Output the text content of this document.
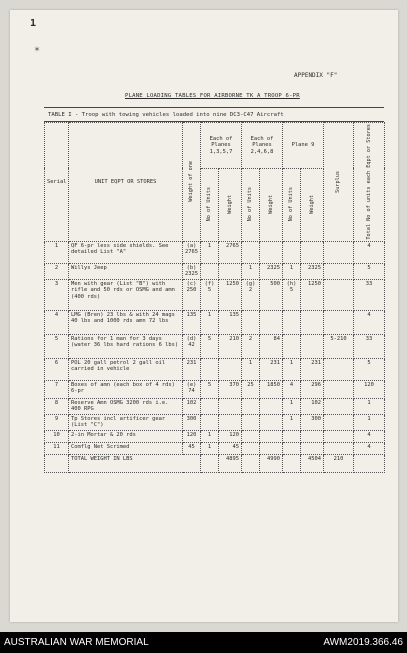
1
✶
APPENDIX "F"
PLANE LOADING TABLES FOR AIRBORNE TK A TROOP 6-PR
TABLE I - Troop with towing vehicles loaded into nine DC3-C47 Aircraft
Serial	UNIT EQPT OR STORES	Weight of one	Each of Planes 1,3,5,7		Each of Planes 2,4,6,8		Plane 9		Surplus	Total No of units each Eqpt or Stores

			No of Units	Weight	No of Units	Weight	No of Units	Weight		

1	QF 6-pr less side shields. See detailed List "A"	(a) 2765	1	2765						4
2	Willys Jeep	(b) 2325			1	2325	1	2325		5
3	Men with gear (List "B") with rifle and 50 rds or OSMG and amn (400 rds)	(c) 250	(f) 5	1250	(g) 2	500	(h) 5	1250		33
4	LMG (Bren) 23 lbs & with 24 mags 40 lbs and 1000 rds amn 72 lbs	135	1	135						4
5	Rations for 1 man for 3 days (water 36 lbs hard rations 6 lbs)	(d) 42	5	210	2	84			5-210	33
6	POL 20 gall petrol 2 gall oil carried in vehicle	231			1	231	1	231		5
7	Boxes of amn (each box of 4 rds) 6-pr	(e) 74	5	370	25	1850	4	296		120
8	Reserve Amn OSMG 3200 rds i.e. 400 RPG	102					1	102		1
9	Tp Stores incl artificer gear (List "C")	300					1	300		1
10	2-in Mortar & 20 rds	120	1	120						4
11	Comflg Net Scrimed	45	1	45						4
	TOTAL WEIGHT IN LBS			4895		4990		4504	210	
AUSTRALIAN WAR MEMORIAL	AWM2019.366.46
